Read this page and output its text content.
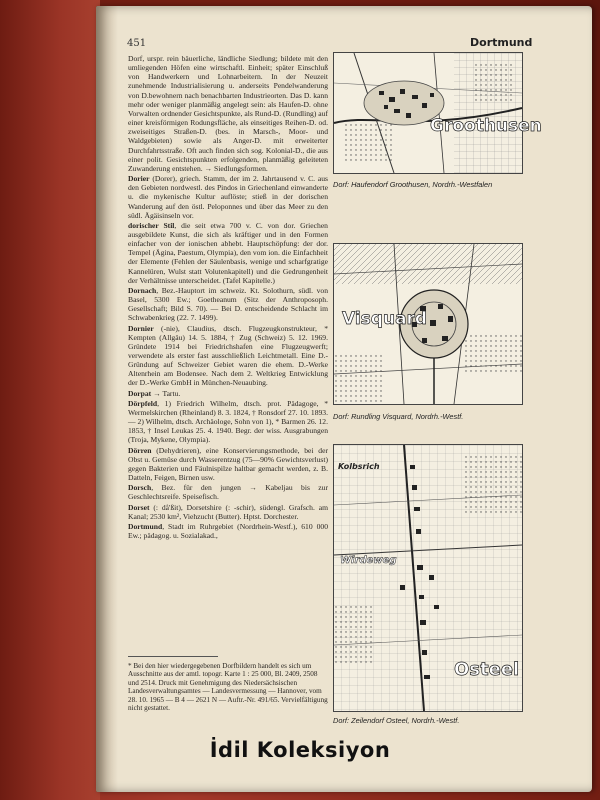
451	Dortmund

Dorf, urspr. rein bäuerliche, ländliche Siedlung; bildete mit den umliegenden Höfen eine wirtschaftl. Einheit; später Einschluß von Handwerkern und Lohnarbeitern. In der Neuzeit zunehmende Industrialisierung u. anderseits Pendelwanderung von D.bewohnern nach benachbarten Industrieorten. Das D. kann mehr oder weniger planmäßig angelegt sein: als Haufen-D. ohne Vorwalten ordnender Gesichtspunkte, als Rund-D. (Rundling) auf einer kreisförmigen Rodungsfläche, als einseitiges Reihen-D. od. zweiseitiges Straßen-D. (bes. in Marsch-, Moor- und Waldgebieten) sowie als Anger-D. mit erweiterter Durchfahrtsstraße. Oft auch finden sich sog. Kolonial-D., die aus einer polit. Gesichtspunkten erfolgenden, planmäßig geleiteten Zuwanderung entstehen. → Siedlungsformen.

Dorier (Dorer), griech. Stamm, der im 2. Jahrtausend v. C. aus den Gebieten nordwestl. des Pindos in Griechenland einwanderte u. die mykenische Kultur auflöste; stieß in der dorischen Wanderung auf den östl. Peloponnes und über das Meer zu den südl. Ägäisinseln vor.

dorischer Stil, die seit etwa 700 v. C. von dor. Griechen ausgebildete Kunst, die sich als kräftiger und in den Formen einfacher von der ionischen abhebt. Hauptschöpfung: der dor. Tempel (Ägina, Paestum, Olympia), den vom ion. die Einfachheit der Elemente (Fehlen der Säulenbasis, wenige und scharfgratige Kannelüren, Wulst statt Volutenkapitell) und die Gedrungenheit der Verhältnisse unterscheidet. (Tafel Kapitelle.)

Dornach, Bez.-Hauptort im schweiz. Kt. Solothurn, südl. von Basel, 5300 Ew.; Goetheanum (Sitz der Anthroposoph. Gesellschaft; Bild S. 70). — Bei D. entscheidende Schlacht im Schwabenkrieg (22. 7. 1499).

Dornier (-nie), Claudius, dtsch. Flugzeugkonstrukteur, * Kempten (Allgäu) 14. 5. 1884, † Zug (Schweiz) 5. 12. 1969. Gründete 1914 bei Friedrichshafen eine Flugzeugwerft; verwendete als erster fast ausschließlich Leichtmetall. Eine D.-Gründung auf Schweizer Gebiet waren die ehem. D.-Werke Altenrhein am Bodensee. Nach dem 2. Weltkrieg Entwicklung der D.-Werke GmbH in München-Neuaubing.

Dorpat → Tartu.

Dörpfeld, 1) Friedrich Wilhelm, dtsch. prot. Pädagoge, * Wermelskirchen (Rheinland) 8. 3. 1824, † Ronsdorf 27. 10. 1893. — 2) Wilhelm, dtsch. Archäologe, Sohn von 1), * Barmen 26. 12. 1853, † Insel Leukas 25. 4. 1940. Begr. der wiss. Ausgrabungen (Troja, Mykene, Olympia).

Dörren (Dehydrieren), eine Konservierungsmethode, bei der Obst u. Gemüse durch Wasserentzug (75—90% Gewichtsverlust) gegen Bakterien und Fäulnispilze haltbar gemacht werden, z. B. Datteln, Feigen, Birnen usw.

Dorsch, Bez. für den jungen → Kabeljau bis zur Geschlechtsreife. Speisefisch.

Dorset (: då'ßit), Dorsetshire (: -schir), südengl. Grafsch. am Kanal; 2530 km², Viehzucht (Butter). Hptst. Dorchester.

Dortmund, Stadt im Ruhrgebiet (Nordrhein-Westf.), 610 000 Ew.; pädagog. u. Sozialakad.,

* Bei den hier wiedergegebenen Dorfbildern handelt es sich um Ausschnitte aus der amtl. topogr. Karte 1 : 25 000, Bl. 2409, 2508 und 2514. Druck mit Genehmigung des Niedersächsischen Landesverwaltungsamtes — Landesvermessung — Hannover, vom 28. 10. 1965 — B 4 — 2621 N — Auftr.-Nr. 491/65. Vervielfältigung nicht gestattet.
Groothusen
Dorf: Haufendorf Groothusen, Nordrh.-Westfalen
Visquard
Dorf: Rundling Visquard, Nordrh.-Westf.
Kolbsrich
Wirdeweg
Osteel
Dorf: Zeilendorf Osteel, Nordrh.-Westf.
İdil Koleksiyon
